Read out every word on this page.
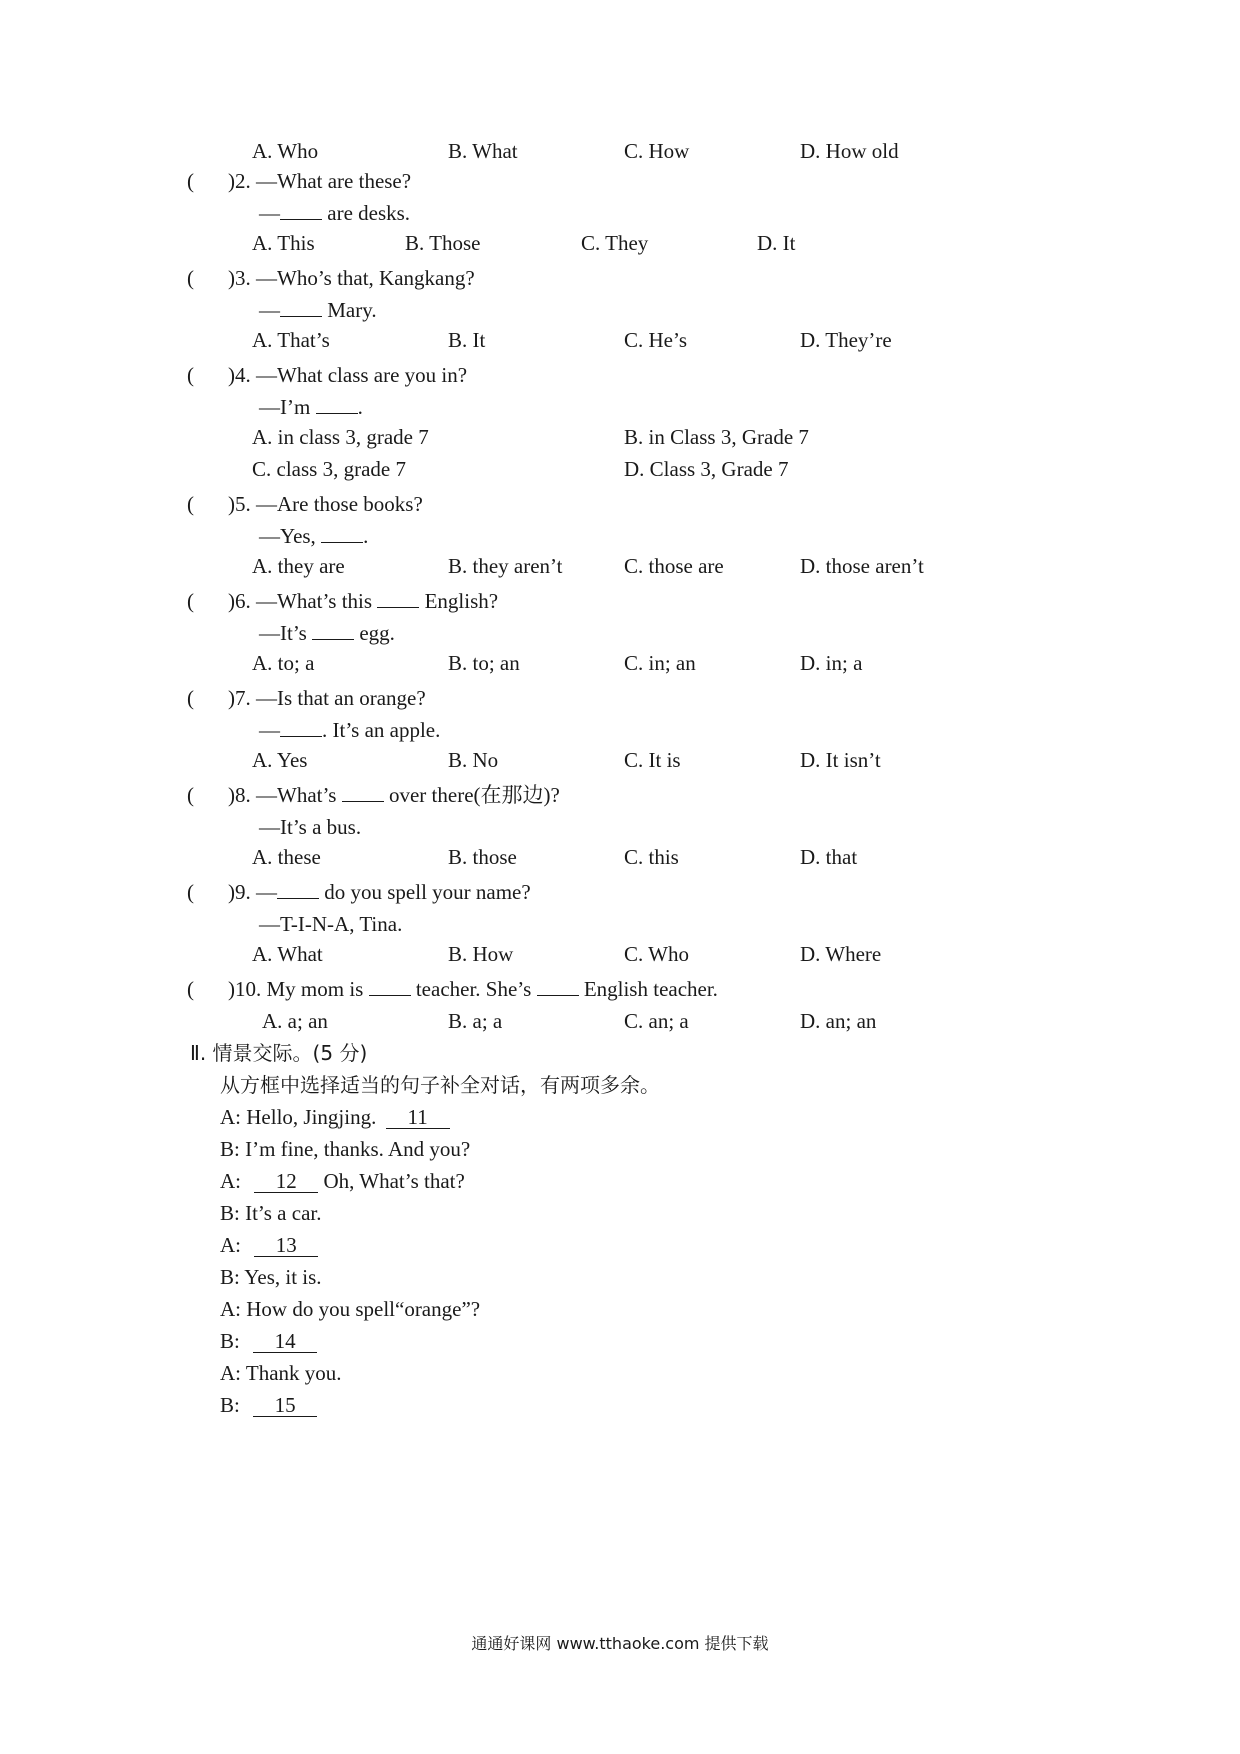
A. Who	B. What	C. How	D. How old
( )2. —What are these?
— are desks.
A. This	B. Those	C. They	D. It
( )3. —Who’s that, Kangkang?
— Mary.
A. That’s	B. It	C. He’s	D. They’re
( )4. —What class are you in?
—I’m .
A. in class 3, grade 7	B. in Class 3, Grade 7
C. class 3, grade 7	D. Class 3, Grade 7
( )5. —Are those books?
—Yes, .
A. they are	B. they aren’t	C. those are	D. those aren’t
( )6. —What’s this  English?
—It’s  egg.
A. to; a	B. to; an	C. in; an	D. in; a
( )7. —Is that an orange?
— . It’s an apple.
A. Yes	B. No	C. It is	D. It isn’t
( )8. —What’s  over there(在那边)?
—It’s a bus.
A. these	B. those	C. this	D. that
( )9. — do you spell your name?
—T-I-N-A, Tina.
A. What	B. How	C. Who	D. Where
( )10. My mom is  teacher. She’s  English teacher.
A. a; an	B. a; a	C. an; a	D. an; an
Ⅱ. 情景交际。(5 分)
从方框中选择适当的句子补全对话，有两项多余。
A: Hello, Jingjing. 11
B: I’m fine, thanks. And you?
A: 12 Oh, What’s that?
B: It’s a car.
A: 13
B: Yes, it is.
A: How do you spell“orange”?
B: 14
A: Thank you.
B: 15
通通好课网 www.tthaoke.com 提供下载
